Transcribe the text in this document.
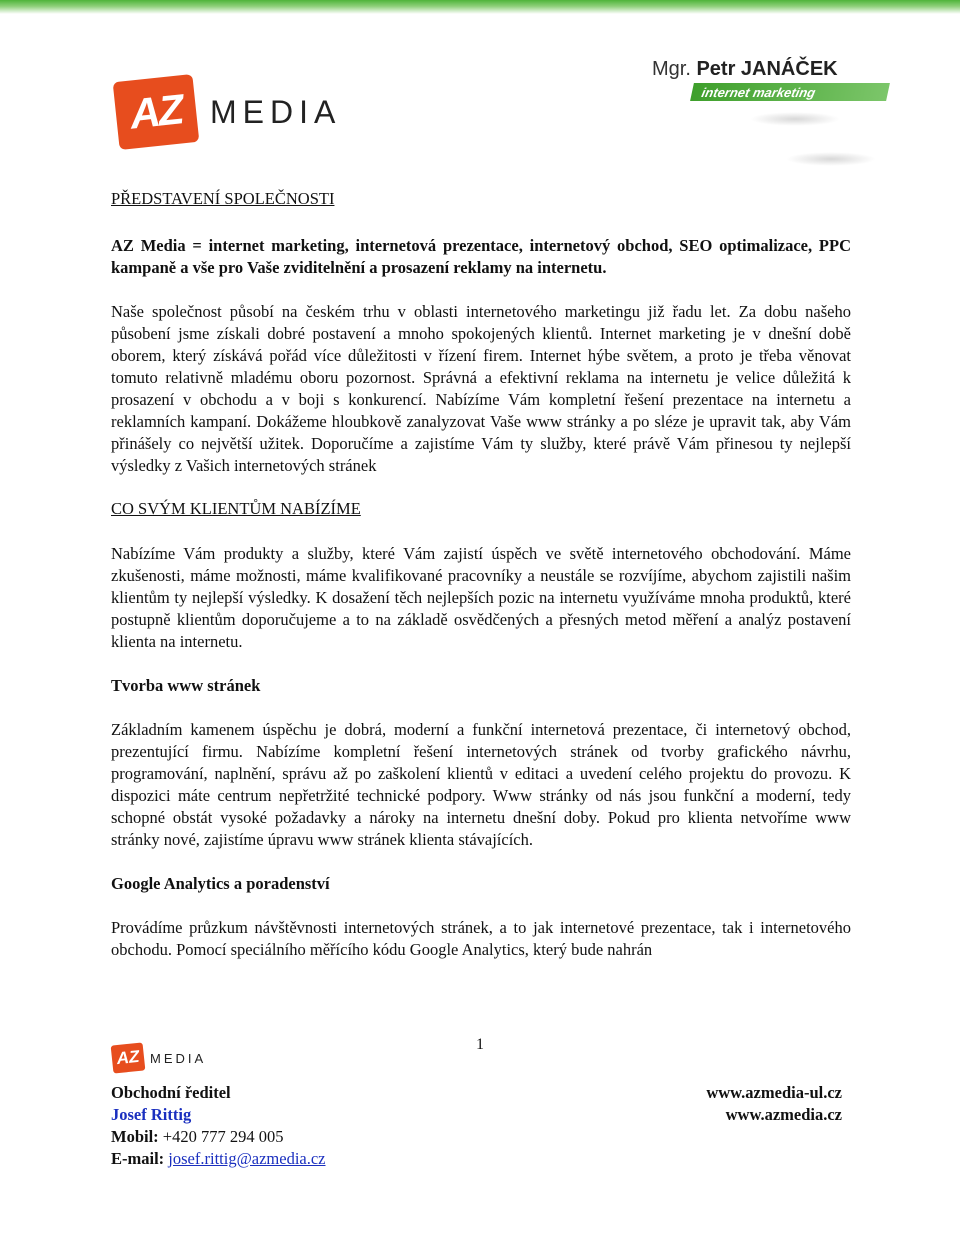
AZ MEDIA
Mgr. Petr JANÁČEK
internet marketing

PŘEDSTAVENÍ SPOLEČNOSTI

AZ Media = internet marketing, internetová prezentace, internetový obchod, SEO optimalizace, PPC kampaně a vše pro Vaše zviditelnění a prosazení reklamy na internetu.

Naše společnost působí na českém trhu v oblasti internetového marketingu již řadu let. Za dobu našeho působení jsme získali dobré postavení a mnoho spokojených klientů. Internet marketing je v dnešní době oborem, který získává pořád více důležitosti v řízení firem. Internet hýbe světem, a proto je třeba věnovat tomuto relativně mladému oboru pozornost. Správná a efektivní reklama na internetu je velice důležitá k prosazení v obchodu a v boji s konkurencí. Nabízíme Vám kompletní řešení prezentace na internetu a reklamních kampaní. Dokážeme hloubkově zanalyzovat Vaše www stránky a po sléze je upravit tak, aby Vám přinášely co největší užitek. Doporučíme a zajistíme Vám ty služby, které právě Vám přinesou ty nejlepší výsledky z Vašich internetových stránek

CO SVÝM KLIENTŮM NABÍZÍME

Nabízíme Vám produkty a služby, které Vám zajistí úspěch ve světě internetového obchodování. Máme zkušenosti, máme možnosti, máme kvalifikované pracovníky a neustále se rozvíjíme, abychom zajistili našim klientům ty nejlepší výsledky. K dosažení těch nejlepších pozic na internetu využíváme mnoha produktů, které postupně klientům doporučujeme a to na základě osvědčených a přesných metod měření a analýz postavení klienta na internetu.

Tvorba www stránek

Základním kamenem úspěchu je dobrá, moderní a funkční internetová prezentace, či internetový obchod, prezentující firmu. Nabízíme kompletní řešení internetových stránek od tvorby grafického návrhu, programování, naplnění, správu až po zaškolení klientů v editaci a uvedení celého projektu do provozu. K dispozici máte centrum nepřetržité technické podpory. Www stránky od nás jsou funkční a moderní, tedy schopné obstát vysoké požadavky a nároky na internetu dnešní doby. Pokud pro klienta netvoříme www stránky nové, zajistíme úpravu www stránek klienta stávajících.

Google Analytics a poradenství

Provádíme průzkum návštěvnosti internetových stránek, a to jak internetové prezentace, tak i internetového obchodu. Pomocí speciálního měřícího kódu Google Analytics, který bude nahrán

1
AZ MEDIA
Obchodní ředitel
Josef Rittig
Mobil: +420 777 294 005
E-mail: josef.rittig@azmedia.cz
www.azmedia-ul.cz
www.azmedia.cz
